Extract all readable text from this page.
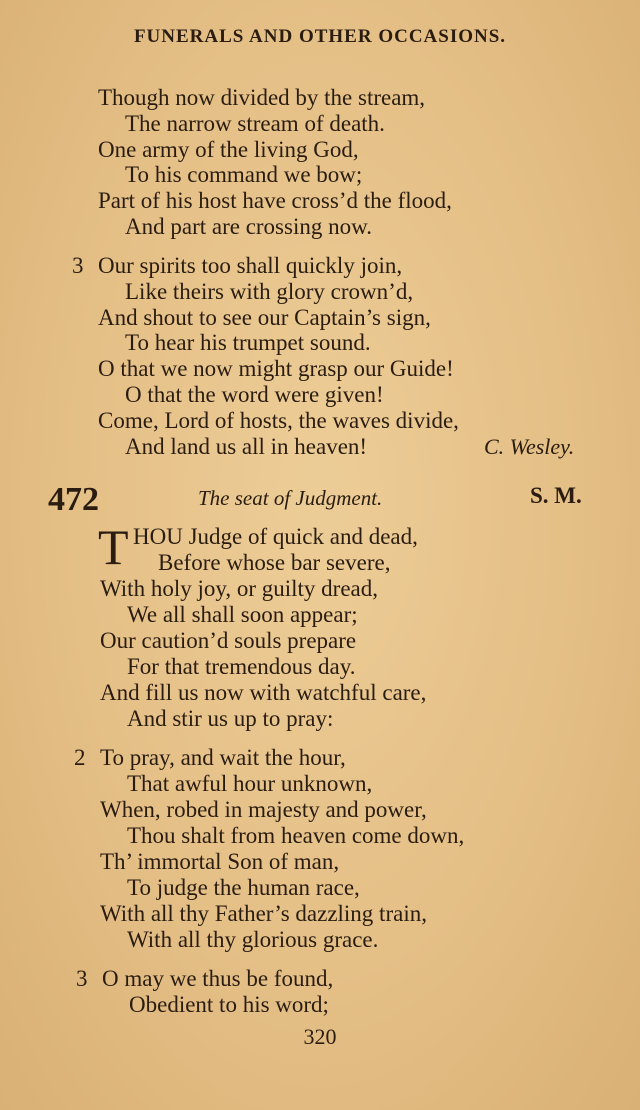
FUNERALS AND OTHER OCCASIONS.
Though now divided by the stream,
The narrow stream of death.
One army of the living God,
To his command we bow;
Part of his host have cross’d the flood,
And part are crossing now.
3 Our spirits too shall quickly join,
Like theirs with glory crown’d,
And shout to see our Captain’s sign,
To hear his trumpet sound.
O that we now might grasp our Guide!
O that the word were given!
Come, Lord of hosts, the waves divide,
And land us all in heaven!	C. Wesley.
472	The seat of Judgment.	S. M.
T HOU Judge of quick and dead,
Before whose bar severe,
With holy joy, or guilty dread,
We all shall soon appear;
Our caution’d souls prepare
For that tremendous day.
And fill us now with watchful care,
And stir us up to pray:
2 To pray, and wait the hour,
That awful hour unknown,
When, robed in majesty and power,
Thou shalt from heaven come down,
Th’ immortal Son of man,
To judge the human race,
With all thy Father’s dazzling train,
With all thy glorious grace.
3 O may we thus be found,
Obedient to his word;
320
